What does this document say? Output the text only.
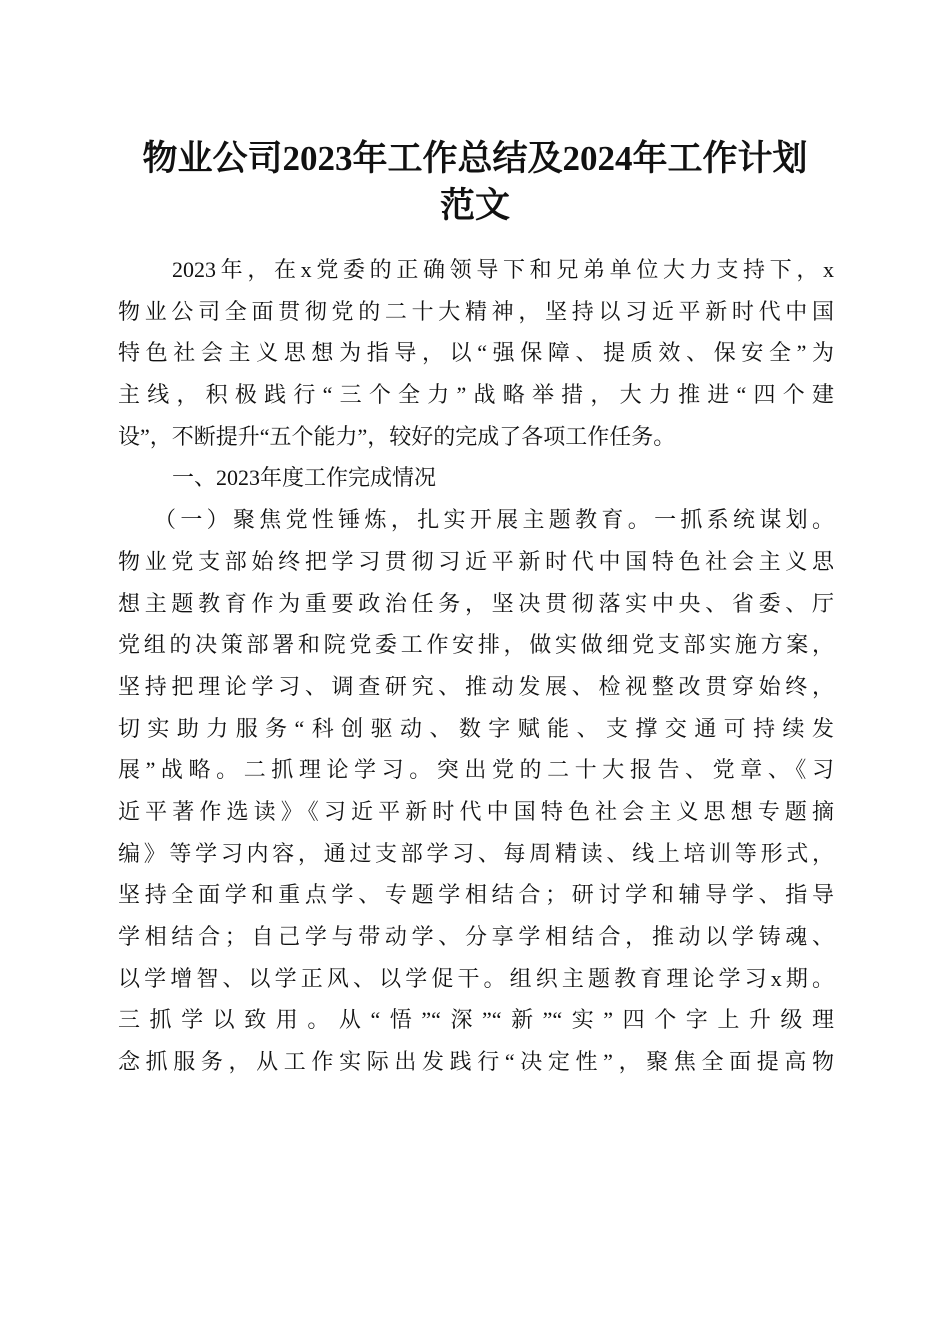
物业公司2023年工作总结及2024年工作计划
范文
2023年，在x党委的正确领导下和兄弟单位大力支持下，x
物业公司全面贯彻党的二十大精神，坚持以习近平新时代中国
特色社会主义思想为指导，以“强保障、提质效、保安全”为
主线，积极践行“三个全力”战略举措，大力推进“四个建
设”，不断提升“五个能力”，较好的完成了各项工作任务。
一、2023年度工作完成情况
（一）聚焦党性锤炼，扎实开展主题教育。一抓系统谋划。
物业党支部始终把学习贯彻习近平新时代中国特色社会主义思
想主题教育作为重要政治任务，坚决贯彻落实中央、省委、厅
党组的决策部署和院党委工作安排，做实做细党支部实施方案，
坚持把理论学习、调查研究、推动发展、检视整改贯穿始终，
切实助力服务“科创驱动、数字赋能、支撑交通可持续发
展”战略。二抓理论学习。突出党的二十大报告、党章、《习
近平著作选读》《习近平新时代中国特色社会主义思想专题摘
编》等学习内容，通过支部学习、每周精读、线上培训等形式，
坚持全面学和重点学、专题学相结合；研讨学和辅导学、指导
学相结合；自己学与带动学、分享学相结合，推动以学铸魂、
以学增智、以学正风、以学促干。组织主题教育理论学习x期。
三抓学以致用。从“悟”“深”“新”“实”四个字上升级理
念抓服务，从工作实际出发践行“决定性”，聚焦全面提高物
